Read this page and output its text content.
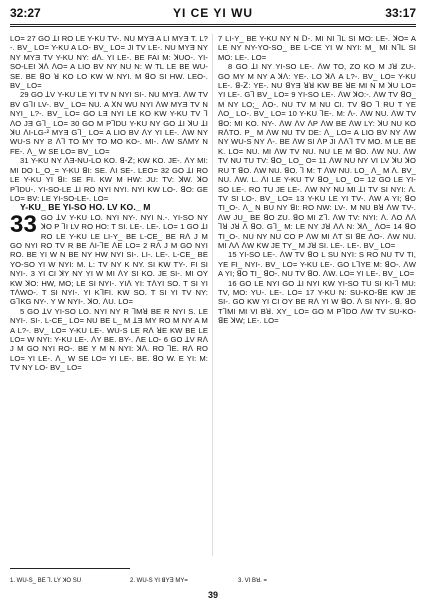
32:27	YI CE YI WU	33:17

LO= 27 GO ꓕI RO LE Y-KU TV-. NU MYƎ A LI MYƎ T. L?-. BV_ LO= Y-KU A LO- BV_ LO= JI TV LE-. NU MYƎ NY NY MYƎ TV Y-KU NY: ꓒꓥ. YI LE-. BE FAI M: ꓘUO-. YI-SO-LEI ꓘꓥ ꓥO= A LIO BV NY NU N: W TL LE BE WU-SE. BE ꓭO ꓤ KO LO KW W NYI. M ꓭO SI HW. LEO-. BV_ LO=

29 GO ꓕV Y-KU LE YI TV N NYI SI-. NU MYƎ. ꓥW TV BV GꓶI LV-. BV_ LO= NU. A ꓫN WU NYI ꓥW MYƎ TV N NYI_ L?-. BV_ LO= GO LƎ NYI LE KO KW Y-KU TV ꓶ ꓥO JƎ Gꓶ_ LO= 30 GO M PꓶDU Y-KU NY GO ꓕI ꓘU ꓕI ꓘU ꓥI-LG-² MYƎ Gꓶ_ LO= A LIO BV ꓥY YI LE-. ꓥW NY WU-S NY Ƨ ꓥꓶ TO MY TO MO KO-. MI-. ꓥW SꓥMY N FE-. ꓥ_ W SE LO= BV_ LO=

31 Y-KU NY ꓥƎ-NU-LO KO. ꓭ-ꓜ; KW KO. JE-. ꓥY MI: MI DO L_O_= Y-KU ꓭI: SE. ꓥI SE-. LEO= 32 GO ꓕI RO LE Y-KU YI ꓭI: SE FI. KW M HW: JU: TV: ꓘW. ꓘO PꓶDU-. YI-SO-LE ꓕI RO NYI NYI. NYI KW LO-. ꓭO: GE LO= BV: LE YI-SO-LE-. LO=

Y-KU_ BE YI-SO HO. LV KO._ M

33 GO ꓕV Y-KU LO. NYI NY-. NYI N.-. YI-SO NY ꓘO P ꓶI LV RO HO: T SI. LE-. LE-. LO= 1 GO ꓕI RO LE Y-KU LE LI-Y_ BE L-CE_ BE Rꓥ J M GO NYI RO TV R BE ꓥI-ꓶE ꓥE LO= 2 Rꓥ J M GO NYI RO. BE YI W N BE NY HW NYI SI-. LI-. LE-. L-CE_ BE YO-SO YI W NYI: M. L: TV NY K NY. SI KW TY-. FI SI NYI-. 3 YI CI ꓘY NY YI W MI ꓥY SI KO. JE SI-. MI OY KW ꓘO: HW, MO; LE SI NYI-. YIꓥ YI: TꓥYI SO. T SI YI TꓥWO-. T SI NYI-. YI KꓶFI. KW SO. T SI YI TV NY: GꓶKG NY-. Y W NYI-. ꓘO. ꓥU. LO=

5 GO ꓕV YI-SO LO. NYI NY R ꓶMꓤ BE R NYI S. LE NYI-. SI-. L-CE_ LO= NU BE L_ M ꓕƎ MY RO M NY A M A L?-. BV_ LO= Y-KU LE-. WU-S LE Rꓥ ꓤE KW BE LE LO= W NYI: Y-KU LE-. ꓥY BE. BY-. ꓥE LO- 6 GO ꓕV Rꓥ J M GO NYI RO-. BE Y M N NYI: ꓘꓥ. RO ꓶE. Rꓥ RO LO= YI LE-. ꓥ_ W SE LO= YI LE-. BE. ꓭO W. E YI: M: TV NY LO- BV_ LO=

7 LI-Y_ BE Y-KU NY N ꓓ-. MI NI ꓶL SI MO: LE-. ꓘO= A LE NY NY-YO-SO_ BE L-CE YI W NYI: M_ MI NꓶL SI MO: LE-. LO=

8 GO ꓕI NY YI-SO LE-. ꓥW TO, ZO KO M Jꓤ ZU-. GO MY M NY A ꓘꓥ: YE-. LO ꓘꓥ A L?-. BV_ LO= Y-KU LE-. ꓭ-ꓜ: YE-. NU ꓭYƎ ꓤꓤ KW BE ꓤE MI N M ꓘU LO= YI LE-. Gꓶ BV_ LO= 9 YI-SO LE-. ꓥW ꓘO:-. ꓥW TV ꓭO_ M NY LO;_ ꓥO-. NU TV M NU CI. TV ꓭO ꓶ RU T YE ꓥO_ LO-. BV_ LO= 10 Y-KU ꓶE-. M: ꓥ-. ꓥW NU. ꓥW TV ꓭO: MI KO. NY-. ꓥW ꓥV ꓥP ꓥW BE ꓥW LY: ꓘU NU KO RꓥTO. P_ M ꓥW NU TV DE: ꓥ_ LO= A LIO BV NY ꓥW NY WU-S NY ꓥ-. BE ꓥW SI ꓥP JI ꓥꓥꓶ TV MO. M LE BE K. LO= NU. MI ꓥW TV NU. NU LE M ꓭO. ꓥW NU. ꓥW TV NU TU TV: ꓭO_ LO_ O= 11 ꓥW NU NY VI LV ꓘU ꓘO RU T ꓭO. ꓥW NU. ꓭO. ꓶ M: T ꓥW NU. LO_ ꓥ_ M ꓥ. BV_ NU. ꓥW. L. ꓥI LE Y-KU TV ꓭO_ LO_ O= 12 GO LE YI-SO LE-. RO TU JE LE-. ꓥW NY NU MI ꓕI TV SI NYI: ꓥ. TV SI LO-. BV_ LO= 13 Y-KU LE YI TV-. ꓥW A YI; ꓭO TI_O-. ꓥ_ N BU NY ꓭI: RO NW: LV-. M NU Bꓤ ꓥW TV-. ꓥW JU_ BE ꓭO ZU. ꓭO MI Zꓶ. ꓥW TV: NYI: ꓥ. ꓥO ꓥꓥ ꓶꓤ Jꓤ ꓥ ꓭO. Gꓶ_ M: LE NY Jꓤ ꓥꓥ N: ꓘꓥ_ ꓥO= 14 ꓭO TI_O-. NU NY NU CO P ꓥW MI ꓥT SI ꓭE ꓥO-. ꓥW NU. MI ꓥꓥ ꓥW KW JE TY_ M Jꓤ SI. LE-. LE-. BV_ LO=

15 YI-SO LE-. ꓥW TV ꓭO L SU NYI: S RO NU TV TI, YE FI_ NYI-. BV_ LO= Y-KU LE-. GO LꓶYE M: ꓭO-. ꓥW A YI; ꓭO TI_ ꓭO-. NU TV ꓭO. ꓥW. LO= YI LE-. BV_ LO=

16 GO LE NYI GO ꓕI NYI KW YI-SO TU SI KI-ꓶ MU: TV, MO: YU-. LE-. LO= 17 Y-KU N: SU-KO-ꓭE KW JE SI-. GO KW YI CI OY BE Rꓥ YI W ꓭO. ꓥ SI NYI-. ꓭ. ꓭO TꓶMI MI VI Bꓤ. XY_ LO= GO M PꓶDO ꓥW TV SU-KO-ꓭE ꓘW; LE-. LO=

1. WU-S_ BE ꓶ. LY ꓘO SU	2. WU-S YI ꓭYƎ MY=	3. VI Bꓤ. =
39
